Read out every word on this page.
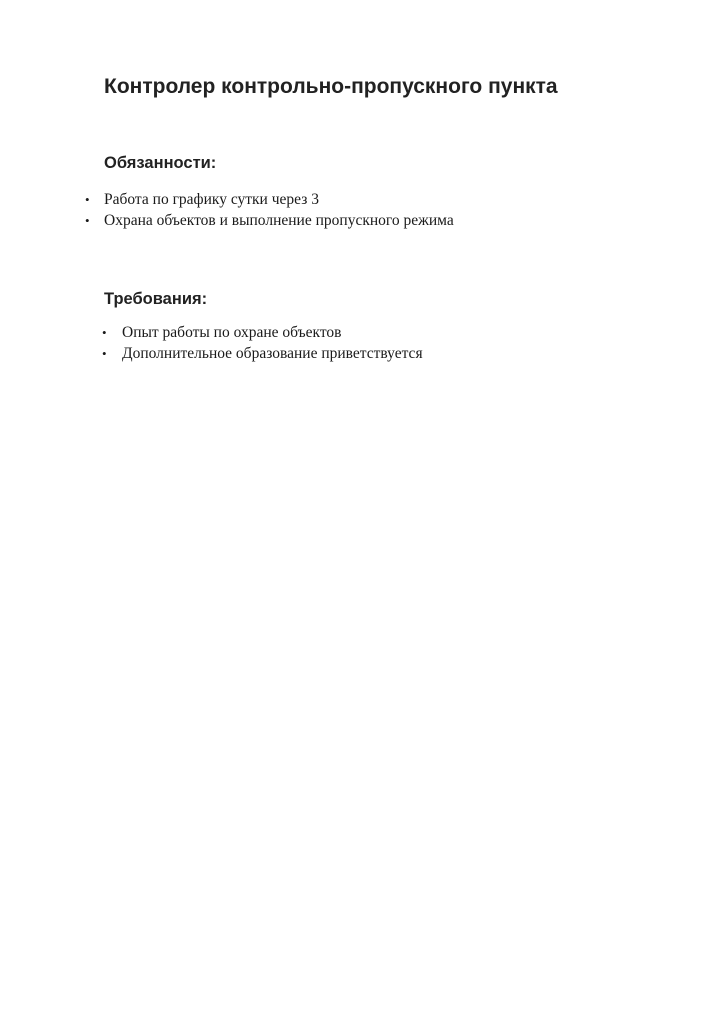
Контролер контрольно-пропускного пункта
Обязанности:
• Работа по графику сутки через 3
• Охрана объектов и выполнение пропускного режима
Требования:
• Опыт работы по охране объектов
• Дополнительное образование приветствуется
